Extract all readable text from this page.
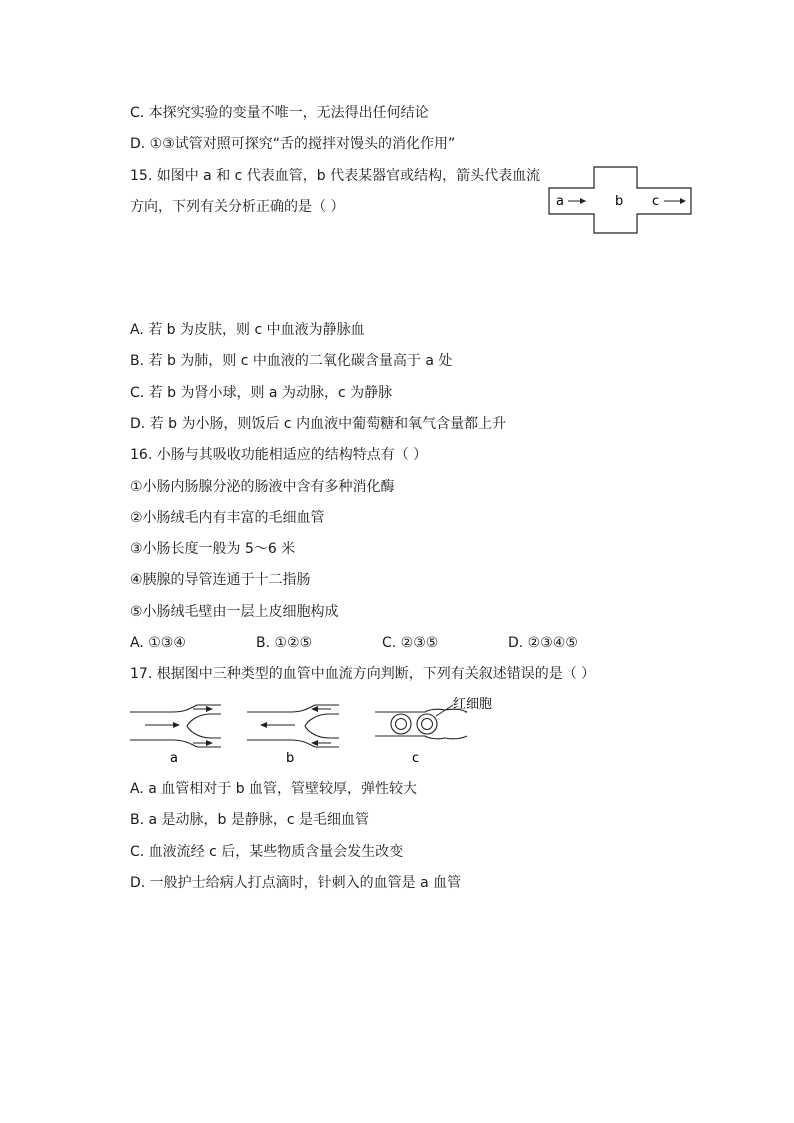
C. 本探究实验的变量不唯一，无法得出任何结论
D. ①③试管对照可探究“舌的搅拌对馒头的消化作用”
15. 如图中 a 和 c 代表血管，b 代表某器官或结构，箭头代表血流
方向，下列有关分析正确的是（ ）	a	b c
A. 若 b 为皮肤，则 c 中血液为静脉血
B. 若 b 为肺，则 c 中血液的二氧化碳含量高于 a 处
C. 若 b 为肾小球，则 a 为动脉，c 为静脉
D. 若 b 为小肠，则饭后 c 内血液中葡萄糖和氧气含量都上升
16. 小肠与其吸收功能相适应的结构特点有（ ）
①小肠内肠腺分泌的肠液中含有多种消化酶
②小肠绒毛内有丰富的毛细血管
③小肠长度一般为 5～6 米
④胰腺的导管连通于十二指肠
⑤小肠绒毛壁由一层上皮细胞构成
A. ①③④	B. ①②⑤	C. ②③⑤	D. ②③④⑤
17. 根据图中三种类型的血管中血流方向判断，下列有关叙述错误的是（ ）
a	b
红细胞
c
A. a 血管相对于 b 血管，管壁较厚，弹性较大
B. a 是动脉，b 是静脉，c 是毛细血管
C. 血液流经 c 后，某些物质含量会发生改变
D. 一般护士给病人打点滴时，针刺入的血管是 a 血管
